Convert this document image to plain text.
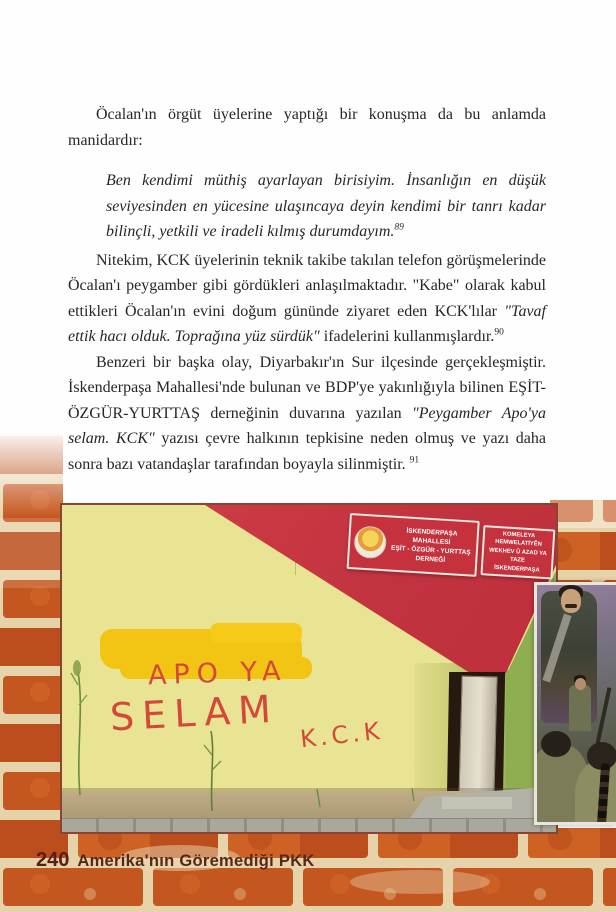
Öcalan'ın örgüt üyelerine yaptığı bir konuşma da bu anlamda manidardır:

Ben kendimi müthiş ayarlayan birisiyim. İnsanlığın en düşük seviyesinden en yücesine ulaşıncaya deyin kendimi bir tanrı kadar bilinçli, yetkili ve iradeli kılmış durumdayım.$^{89}$

Nitekim, KCK üyelerinin teknik takibe takılan telefon görüşmelerinde Öcalan'ı peygamber gibi gördükleri anlaşılmaktadır. "Kabe" olarak kabul ettikleri Öcalan'ın evini doğum gününde ziyaret eden KCK'lılar "Tavaf ettik hacı olduk. Toprağına yüz sürdük" ifadelerini kullanmışlardır.$^{90}$

Benzeri bir başka olay, Diyarbakır'ın Sur ilçesinde gerçekleşmiştir. İskenderpaşa Mahallesi'nde bulunan ve BDP'ye yakınlığıyla bilinen EŞİT-ÖZGÜR-YURTTAŞ derneğinin duvarına yazılan "Peygamber Apo'ya selam. KCK" yazısı çevre halkının tepkisine neden olmuş ve yazı daha sonra bazı vatandaşlar tarafından boyayla silinmiştir. $^{91}$

APO YA
SELAM K.C.K
İSKENDERPAŞA MAHALLESİ
EŞİT - ÖZGÜR - YURTTAŞ
DERNEĞİ
KOMELEYA HEMWELATİYÊN
WEKHEV Û AZAD YA TAZE
İSKENDERPAŞA
240 Amerika'nın Göremediği PKK
